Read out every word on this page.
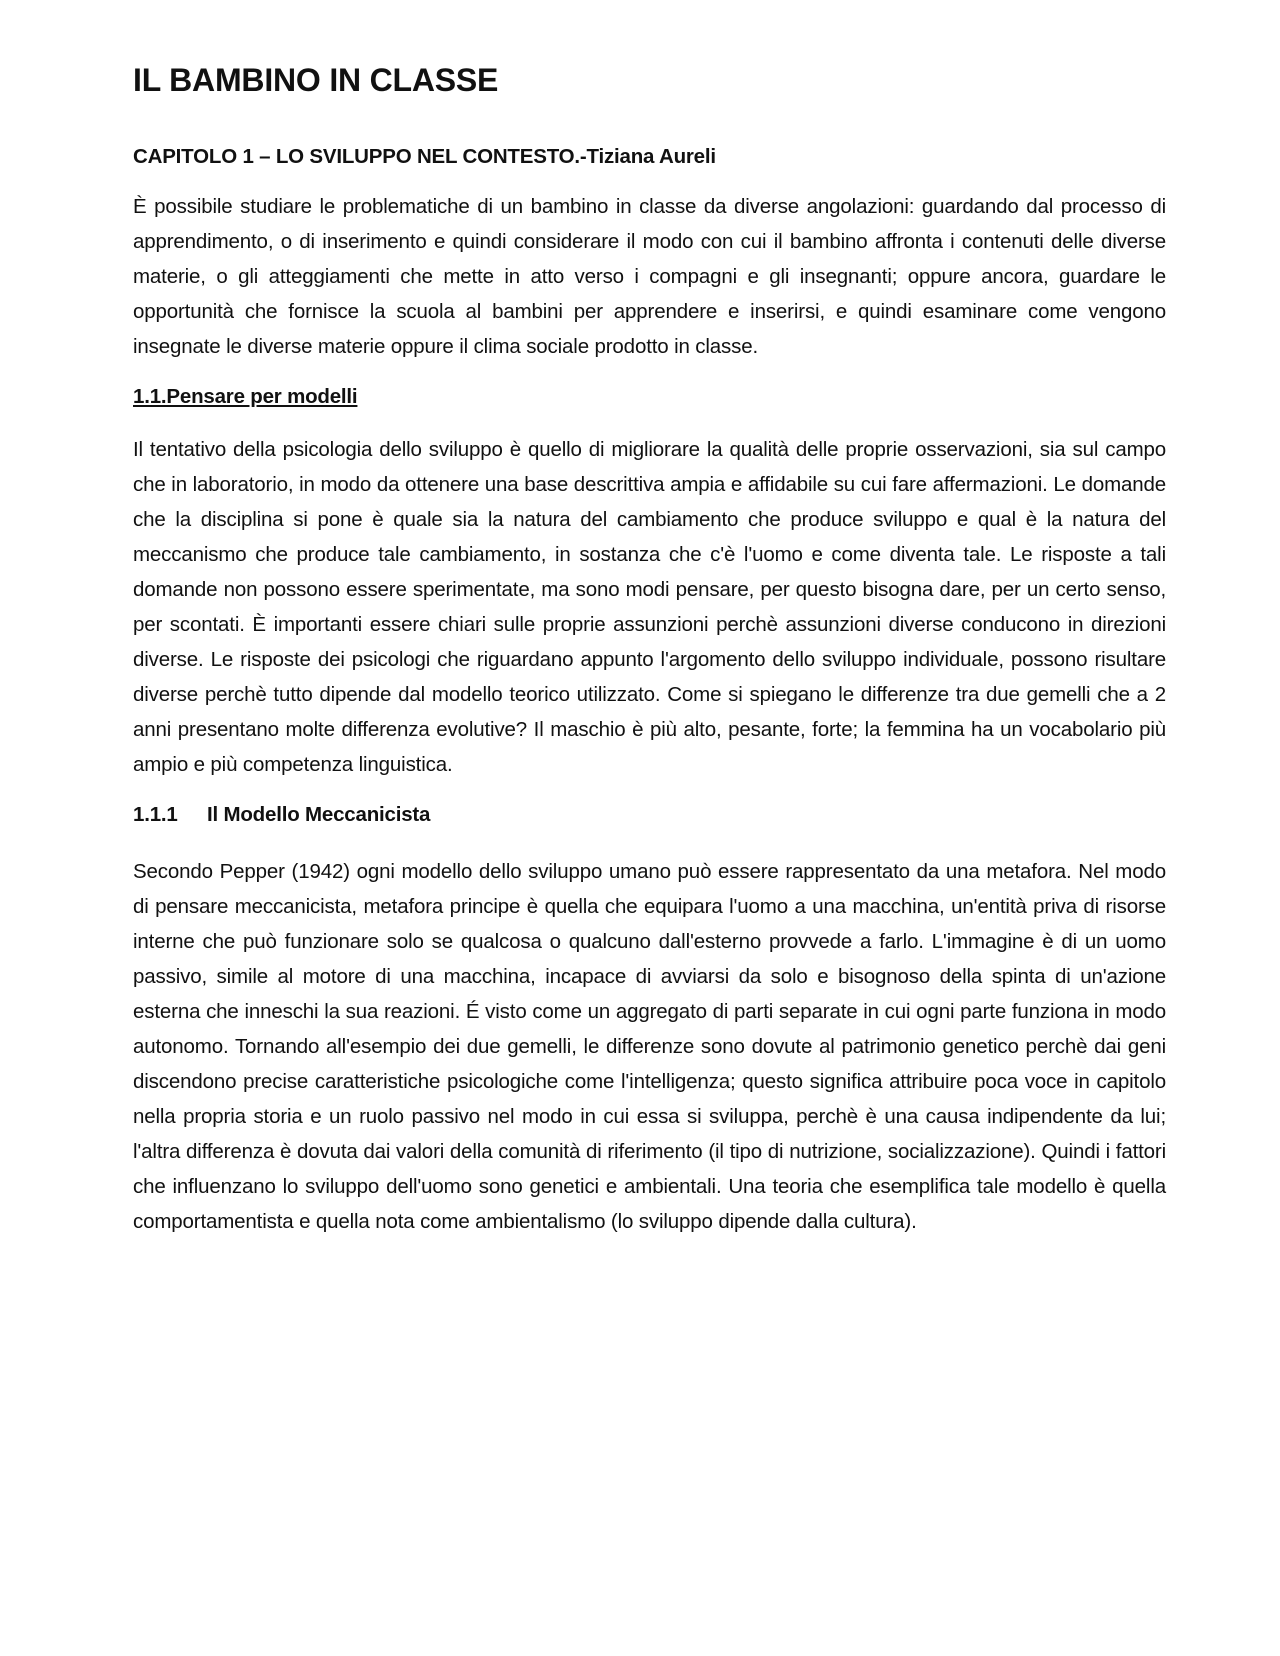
IL BAMBINO IN CLASSE
CAPITOLO 1 – LO SVILUPPO NEL CONTESTO.-Tiziana Aureli

È possibile studiare le problematiche di un bambino in classe da diverse angolazioni: guardando dal processo di apprendimento, o di inserimento e quindi considerare il modo con cui il bambino affronta i contenuti delle diverse materie, o gli atteggiamenti che mette in atto verso i compagni e gli insegnanti; oppure ancora, guardare le opportunità che fornisce la scuola al bambini per apprendere e inserirsi, e quindi esaminare come vengono insegnate le diverse materie oppure il clima sociale prodotto in classe.

1.1.Pensare per modelli

Il tentativo della psicologia dello sviluppo è quello di migliorare la qualità delle proprie osservazioni, sia sul campo che in laboratorio, in modo da ottenere una base descrittiva ampia e affidabile su cui fare affermazioni. Le domande che la disciplina si pone è quale sia la natura del cambiamento che produce sviluppo e qual è la natura del meccanismo che produce tale cambiamento, in sostanza che c'è l'uomo e come diventa tale. Le risposte a tali domande non possono essere sperimentate, ma sono modi pensare, per questo bisogna dare, per un certo senso, per scontati. È importanti essere chiari sulle proprie assunzioni perchè assunzioni diverse conducono in direzioni diverse. Le risposte dei psicologi che riguardano appunto l'argomento dello sviluppo individuale, possono risultare diverse perchè tutto dipende dal modello teorico utilizzato. Come si spiegano le differenze tra due gemelli che a 2 anni presentano molte differenza evolutive? Il maschio è più alto, pesante, forte; la femmina ha un vocabolario più ampio e più competenza linguistica.

1.1.1 Il Modello Meccanicista

Secondo Pepper (1942) ogni modello dello sviluppo umano può essere rappresentato da una metafora. Nel modo di pensare meccanicista, metafora principe è quella che equipara l'uomo a una macchina, un'entità priva di risorse interne che può funzionare solo se qualcosa o qualcuno dall'esterno provvede a farlo. L'immagine è di un uomo passivo, simile al motore di una macchina, incapace di avviarsi da solo e bisognoso della spinta di un'azione esterna che inneschi la sua reazioni. É visto come un aggregato di parti separate in cui ogni parte funziona in modo autonomo. Tornando all'esempio dei due gemelli, le differenze sono dovute al patrimonio genetico perchè dai geni discendono precise caratteristiche psicologiche come l'intelligenza; questo significa attribuire poca voce in capitolo nella propria storia e un ruolo passivo nel modo in cui essa si sviluppa, perchè è una causa indipendente da lui; l'altra differenza è dovuta dai valori della comunità di riferimento (il tipo di nutrizione, socializzazione). Quindi i fattori che influenzano lo sviluppo dell'uomo sono genetici e ambientali. Una teoria che esemplifica tale modello è quella comportamentista e quella nota come ambientalismo (lo sviluppo dipende dalla cultura).
